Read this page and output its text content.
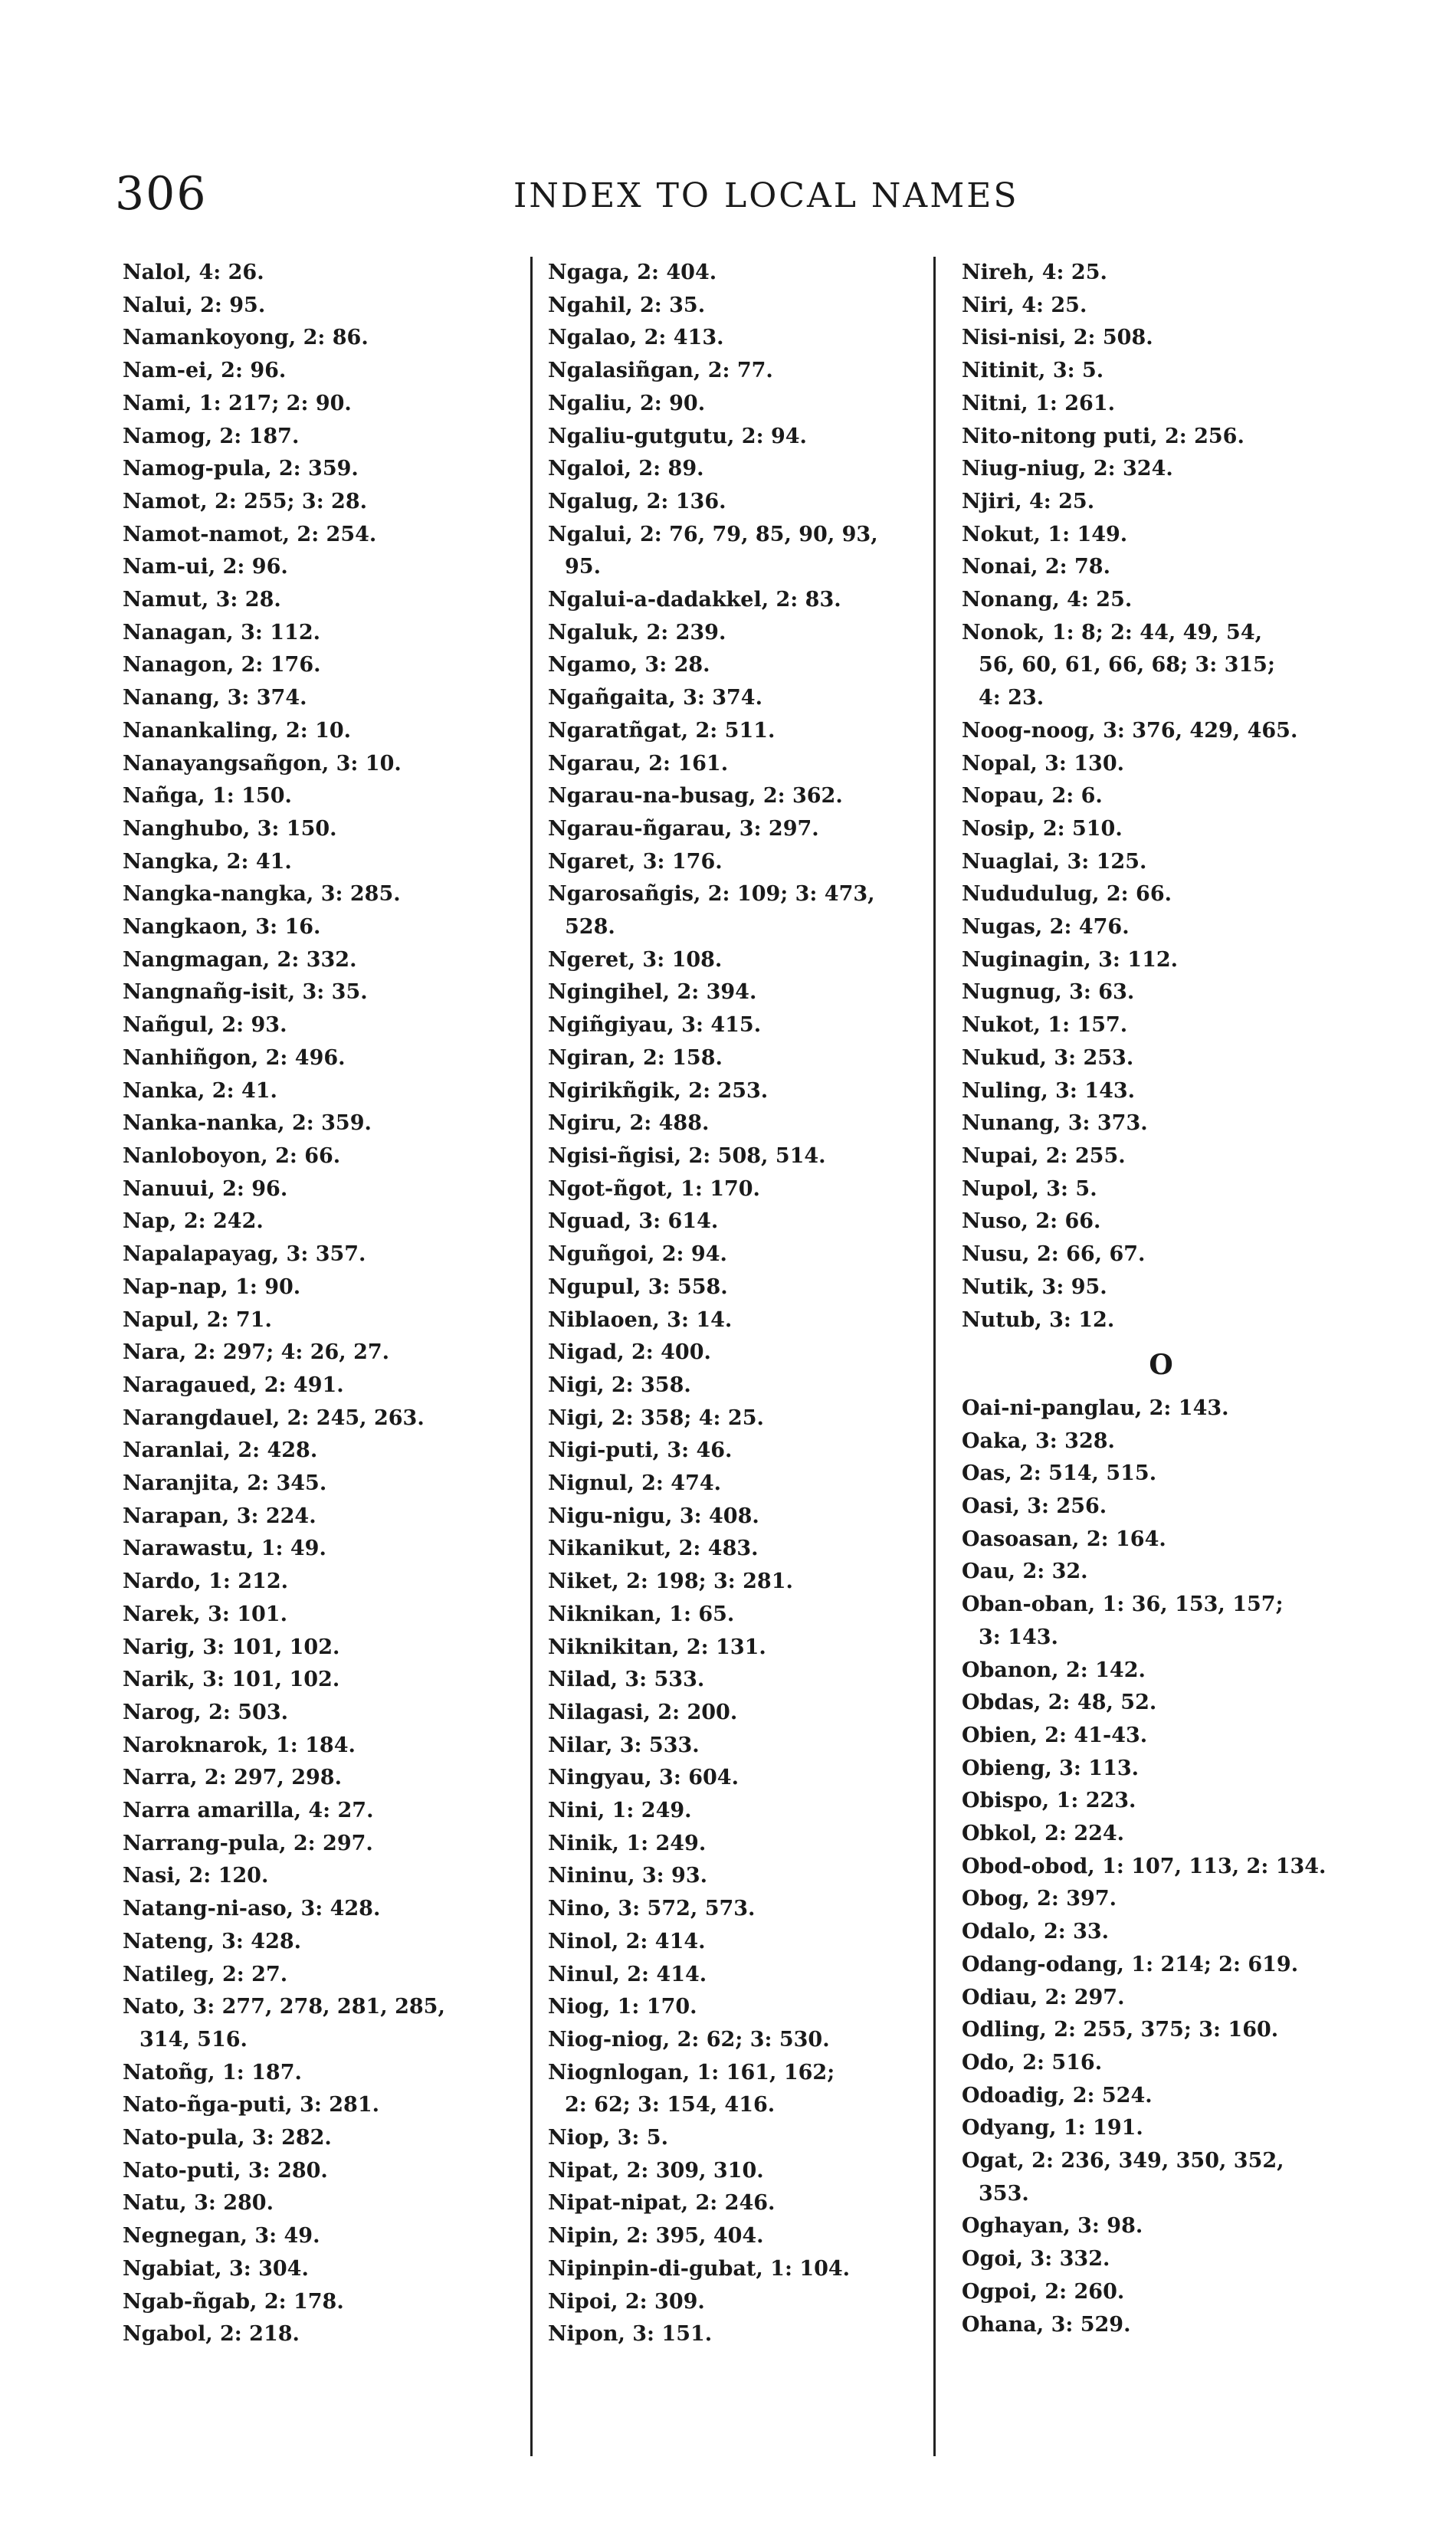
306	INDEX TO LOCAL NAMES
Nalol, 4: 26.
Nalui, 2: 95.
Namankoyong, 2: 86.
Nam-ei, 2: 96.
Nami, 1: 217; 2: 90.
Namog, 2: 187.
Namog-pula, 2: 359.
Namot, 2: 255; 3: 28.
Namot-namot, 2: 254.
Nam-ui, 2: 96.
Namut, 3: 28.
Nanagan, 3: 112.
Nanagon, 2: 176.
Nanang, 3: 374.
Nanankaling, 2: 10.
Nanayangsañgon, 3: 10.
Nañga, 1: 150.
Nanghubo, 3: 150.
Nangka, 2: 41.
Nangka-nangka, 3: 285.
Nangkaon, 3: 16.
Nangmagan, 2: 332.
Nangnañg-isit, 3: 35.
Nañgul, 2: 93.
Nanhiñgon, 2: 496.
Nanka, 2: 41.
Nanka-nanka, 2: 359.
Nanloboyon, 2: 66.
Nanuui, 2: 96.
Nap, 2: 242.
Napalapayag, 3: 357.
Nap-nap, 1: 90.
Napul, 2: 71.
Nara, 2: 297; 4: 26, 27.
Naragaued, 2: 491.
Narangdauel, 2: 245, 263.
Naranlai, 2: 428.
Naranjita, 2: 345.
Narapan, 3: 224.
Narawastu, 1: 49.
Nardo, 1: 212.
Narek, 3: 101.
Narig, 3: 101, 102.
Narik, 3: 101, 102.
Narog, 2: 503.
Naroknarok, 1: 184.
Narra, 2: 297, 298.
Narra amarilla, 4: 27.
Narrang-pula, 2: 297.
Nasi, 2: 120.
Natang-ni-aso, 3: 428.
Nateng, 3: 428.
Natileg, 2: 27.
Nato, 3: 277, 278, 281, 285,
314, 516.
Natoñg, 1: 187.
Nato-ñga-puti, 3: 281.
Nato-pula, 3: 282.
Nato-puti, 3: 280.
Natu, 3: 280.
Negnegan, 3: 49.
Ngabiat, 3: 304.
Ngab-ñgab, 2: 178.
Ngabol, 2: 218.
Ngaga, 2: 404.
Ngahil, 2: 35.
Ngalao, 2: 413.
Ngalasiñgan, 2: 77.
Ngaliu, 2: 90.
Ngaliu-gutgutu, 2: 94.
Ngaloi, 2: 89.
Ngalug, 2: 136.
Ngalui, 2: 76, 79, 85, 90, 93,
95.
Ngalui-a-dadakkel, 2: 83.
Ngaluk, 2: 239.
Ngamo, 3: 28.
Ngañgaita, 3: 374.
Ngaratñgat, 2: 511.
Ngarau, 2: 161.
Ngarau-na-busag, 2: 362.
Ngarau-ñgarau, 3: 297.
Ngaret, 3: 176.
Ngarosañgis, 2: 109; 3: 473,
528.
Ngeret, 3: 108.
Ngingihel, 2: 394.
Ngiñgiyau, 3: 415.
Ngiran, 2: 158.
Ngirikñgik, 2: 253.
Ngiru, 2: 488.
Ngisi-ñgisi, 2: 508, 514.
Ngot-ñgot, 1: 170.
Nguad, 3: 614.
Nguñgoi, 2: 94.
Ngupul, 3: 558.
Niblaoen, 3: 14.
Nigad, 2: 400.
Nigi, 2: 358.
Nigi, 2: 358; 4: 25.
Nigi-puti, 3: 46.
Nignul, 2: 474.
Nigu-nigu, 3: 408.
Nikanikut, 2: 483.
Niket, 2: 198; 3: 281.
Niknikan, 1: 65.
Niknikitan, 2: 131.
Nilad, 3: 533.
Nilagasi, 2: 200.
Nilar, 3: 533.
Ningyau, 3: 604.
Nini, 1: 249.
Ninik, 1: 249.
Nininu, 3: 93.
Nino, 3: 572, 573.
Ninol, 2: 414.
Ninul, 2: 414.
Niog, 1: 170.
Niog-niog, 2: 62; 3: 530.
Niognlogan, 1: 161, 162;
2: 62; 3: 154, 416.
Niop, 3: 5.
Nipat, 2: 309, 310.
Nipat-nipat, 2: 246.
Nipin, 2: 395, 404.
Nipinpin-di-gubat, 1: 104.
Nipoi, 2: 309.
Nipon, 3: 151.
Nireh, 4: 25.
Niri, 4: 25.
Nisi-nisi, 2: 508.
Nitinit, 3: 5.
Nitni, 1: 261.
Nito-nitong puti, 2: 256.
Niug-niug, 2: 324.
Njiri, 4: 25.
Nokut, 1: 149.
Nonai, 2: 78.
Nonang, 4: 25.
Nonok, 1: 8; 2: 44, 49, 54,
56, 60, 61, 66, 68; 3: 315;
4: 23.
Noog-noog, 3: 376, 429, 465.
Nopal, 3: 130.
Nopau, 2: 6.
Nosip, 2: 510.
Nuaglai, 3: 125.
Nududulug, 2: 66.
Nugas, 2: 476.
Nuginagin, 3: 112.
Nugnug, 3: 63.
Nukot, 1: 157.
Nukud, 3: 253.
Nuling, 3: 143.
Nunang, 3: 373.
Nupai, 2: 255.
Nupol, 3: 5.
Nuso, 2: 66.
Nusu, 2: 66, 67.
Nutik, 3: 95.
Nutub, 3: 12.
O
Oai-ni-panglau, 2: 143.
Oaka, 3: 328.
Oas, 2: 514, 515.
Oasi, 3: 256.
Oasoasan, 2: 164.
Oau, 2: 32.
Oban-oban, 1: 36, 153, 157;
3: 143.
Obanon, 2: 142.
Obdas, 2: 48, 52.
Obien, 2: 41-43.
Obieng, 3: 113.
Obispo, 1: 223.
Obkol, 2: 224.
Obod-obod, 1: 107, 113, 2: 134.
Obog, 2: 397.
Odalo, 2: 33.
Odang-odang, 1: 214; 2: 619.
Odiau, 2: 297.
Odling, 2: 255, 375; 3: 160.
Odo, 2: 516.
Odoadig, 2: 524.
Odyang, 1: 191.
Ogat, 2: 236, 349, 350, 352,
353.
Oghayan, 3: 98.
Ogoi, 3: 332.
Ogpoi, 2: 260.
Ohana, 3: 529.
